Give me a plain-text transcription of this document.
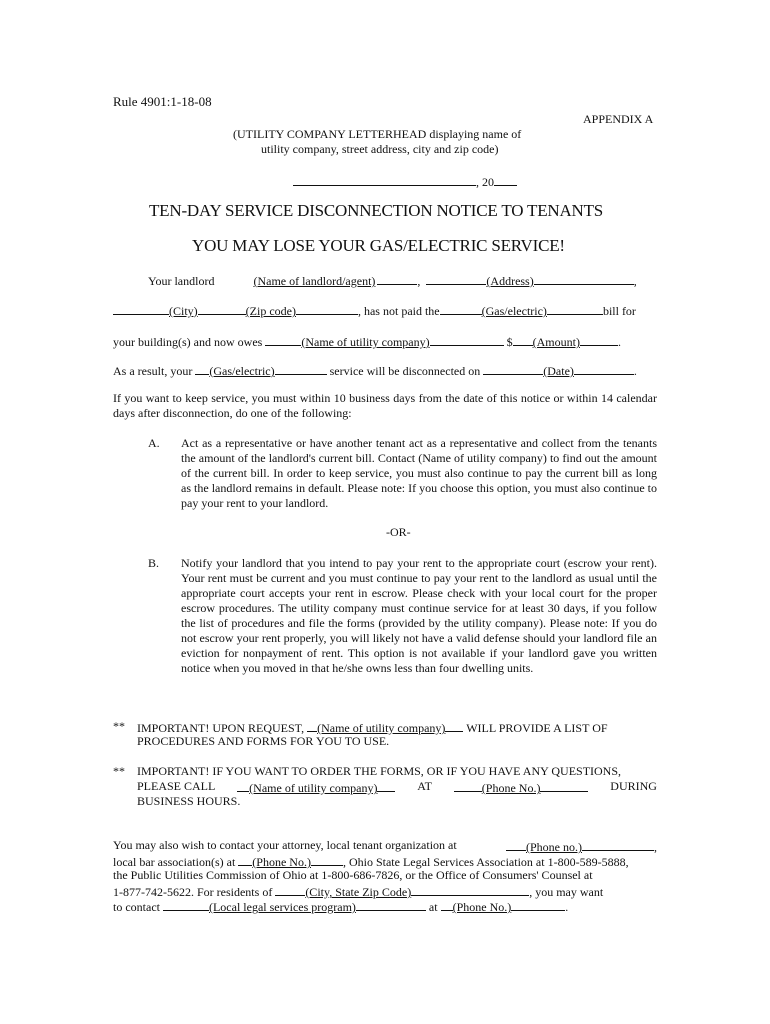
Rule 4901:1-18-08
APPENDIX A
(UTILITY COMPANY LETTERHEAD displaying name of
utility company, street address, city and zip code)
, 20
TEN-DAY SERVICE DISCONNECTION NOTICE TO TENANTS
YOU MAY LOSE YOUR GAS/ELECTRIC SERVICE!
Your landlord	(Name of landlord/agent)	,	(Address)	,
(City)	(Zip code)	, has not paid the	(Gas/electric)	bill for
your building(s) and now owes	(Name of utility company)	$ (Amount)	.
As a result, your (Gas/electric)	service will be disconnected on	(Date)	.
If you want to keep service, you must within 10 business days from the date of this notice or within 14 calendar days after disconnection, do one of the following:
A. Act as a representative or have another tenant act as a representative and collect from the tenants the amount of the landlord's current bill. Contact (Name of utility company) to find out the amount of the current bill. In order to keep service, you must also continue to pay the current bill as long as the landlord remains in default. Please note: If you choose this option, you must also continue to pay your rent to your landlord.
-OR-
B. Notify your landlord that you intend to pay your rent to the appropriate court (escrow your rent). Your rent must be current and you must continue to pay your rent to the landlord as usual until the appropriate court accepts your rent in escrow. Please check with your local court for the proper escrow procedures. The utility company must continue service for at least 30 days, if you follow the list of procedures and file the forms (provided by the utility company). Please note: If you do not escrow your rent properly, you will likely not have a valid defense should your landlord file an eviction for nonpayment of rent. This option is not available if your landlord gave you written notice when you moved in that he/she owns less than four dwelling units.
** IMPORTANT! UPON REQUEST, (Name of utility company) WILL PROVIDE A LIST OF
PROCEDURES AND FORMS FOR YOU TO USE.
** IMPORTANT! IF YOU WANT TO ORDER THE FORMS, OR IF YOU HAVE ANY QUESTIONS,
PLEASE CALL	(Name of utility company)	AT	(Phone No.)	DURING
BUSINESS HOURS.
You may also wish to contact your attorney, local tenant organization at	(Phone no.)	,
local bar association(s) at (Phone No.)	, Ohio State Legal Services Association at 1-800-589-5888,
the Public Utilities Commission of Ohio at 1-800-686-7826, or the Office of Consumers' Counsel at
1-877-742-5622. For residents of	(City, State Zip Code)	, you may want
to contact	(Local legal services program)	at (Phone No.)	.
